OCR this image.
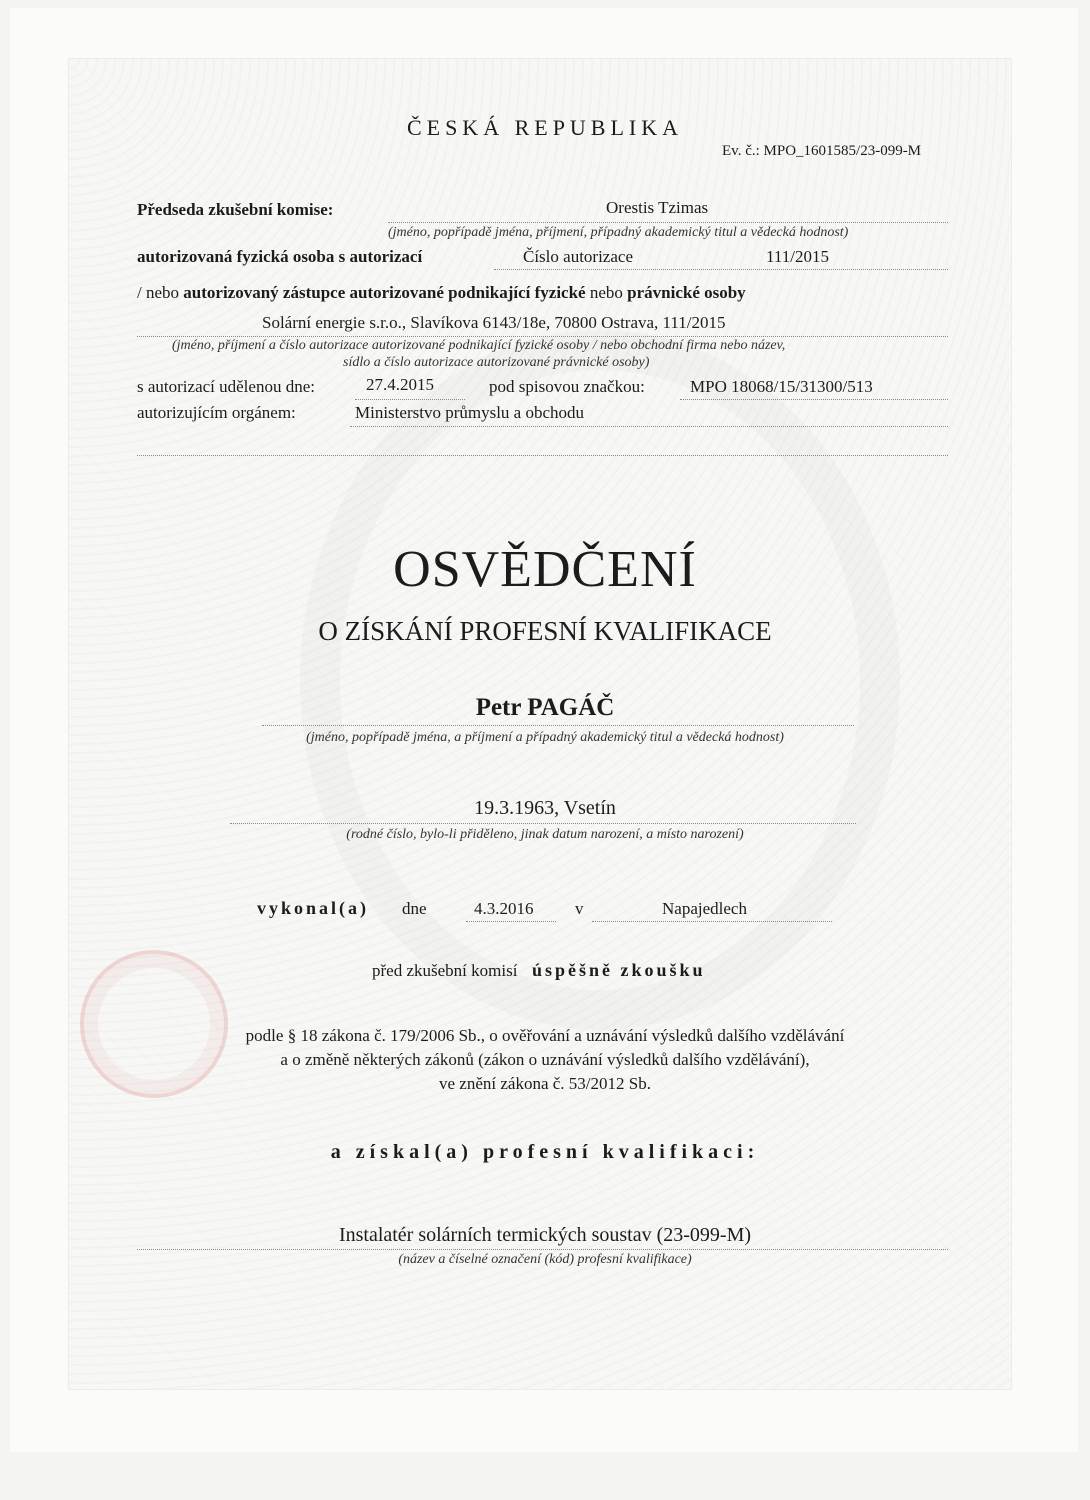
ČESKÁ REPUBLIKA
Ev. č.: MPO_1601585/23-099-M
Předseda zkušební komise:	Orestis Tzimas
(jméno, popřípadě jména, příjmení, případný akademický titul a vědecká hodnost)
autorizovaná fyzická osoba s autorizací	Číslo autorizace	111/2015
/ nebo autorizovaný zástupce autorizované podnikající fyzické nebo právnické osoby
Solární energie s.r.o., Slavíkova 6143/18e, 70800 Ostrava, 111/2015
(jméno, příjmení a číslo autorizace autorizované podnikající fyzické osoby / nebo obchodní firma nebo název,
sídlo a číslo autorizace autorizované právnické osoby)
s autorizací udělenou dne:	27.4.2015	pod spisovou značkou:	MPO 18068/15/31300/513
autorizujícím orgánem:	Ministerstvo průmyslu a obchodu
OSVĚDČENÍ
O ZÍSKÁNÍ PROFESNÍ KVALIFIKACE
Petr PAGÁČ
(jméno, popřípadě jména, a příjmení a případný akademický titul a vědecká hodnost)
19.3.1963, Vsetín
(rodné číslo, bylo-li přiděleno, jinak datum narození, a místo narození)
vykonal(a) dne	4.3.2016 v	Napajedlech
před zkušební komisí úspěšně zkoušku
podle § 18 zákona č. 179/2006 Sb., o ověřování a uznávání výsledků dalšího vzdělávání
a o změně některých zákonů (zákon o uznávání výsledků dalšího vzdělávání),
ve znění zákona č. 53/2012 Sb.
a získal(a) profesní kvalifikaci:
Instalatér solárních termických soustav (23-099-M)
(název a číselné označení (kód) profesní kvalifikace)
